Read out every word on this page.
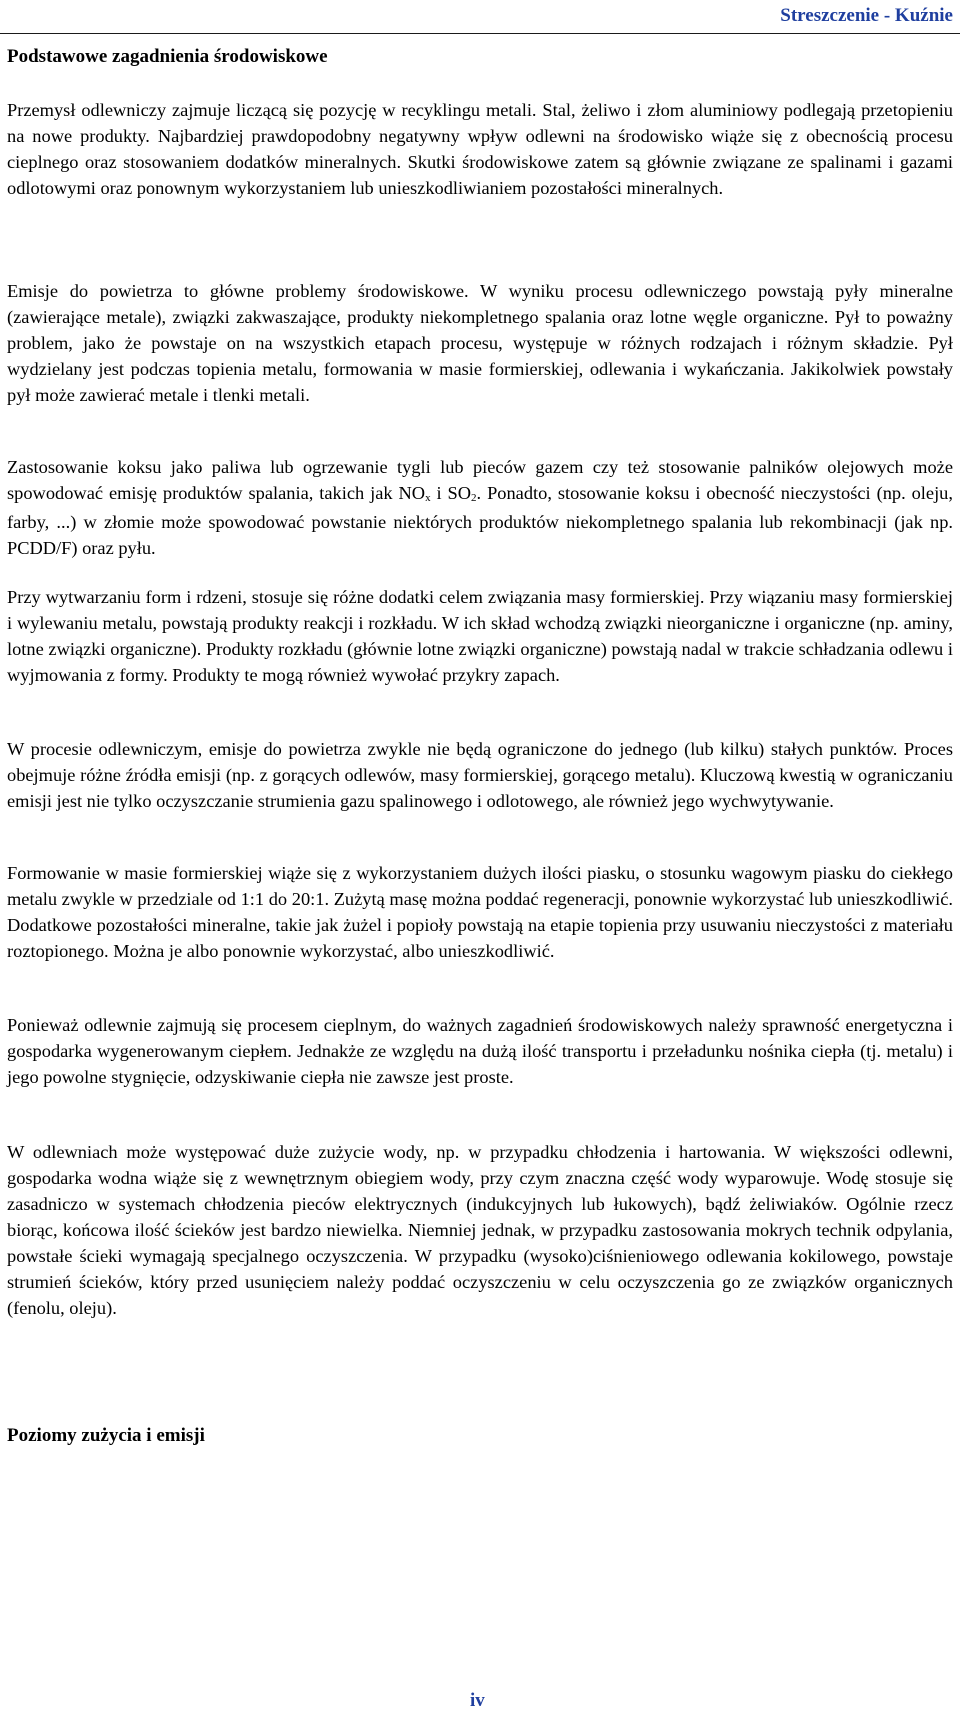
Streszczenie - Kuźnie
Podstawowe zagadnienia środowiskowe

Przemysł odlewniczy zajmuje liczącą się pozycję w recyklingu metali. Stal, żeliwo i złom aluminiowy podlegają przetopieniu na nowe produkty. Najbardziej prawdopodobny negatywny wpływ odlewni na środowisko wiąże się z obecnością procesu cieplnego oraz stosowaniem dodatków mineralnych. Skutki środowiskowe zatem są głównie związane ze spalinami i gazami odlotowymi oraz ponownym wykorzystaniem lub unieszkodliwianiem pozostałości mineralnych.

Emisje do powietrza to główne problemy środowiskowe. W wyniku procesu odlewniczego powstają pyły mineralne (zawierające metale), związki zakwaszające, produkty niekompletnego spalania oraz lotne węgle organiczne. Pył to poważny problem, jako że powstaje on na wszystkich etapach procesu, występuje w różnych rodzajach i różnym składzie. Pył wydzielany jest podczas topienia metalu, formowania w masie formierskiej, odlewania i wykańczania. Jakikolwiek powstały pył może zawierać metale i tlenki metali.

Zastosowanie koksu jako paliwa lub ogrzewanie tygli lub pieców gazem czy też stosowanie palników olejowych może spowodować emisję produktów spalania, takich jak $NO_x$ i $SO_2$. Ponadto, stosowanie koksu i obecność nieczystości (np. oleju, farby, ...) w złomie może spowodować powstanie niektórych produktów niekompletnego spalania lub rekombinacji (jak np. PCDD/F) oraz pyłu.

Przy wytwarzaniu form i rdzeni, stosuje się różne dodatki celem związania masy formierskiej. Przy wiązaniu masy formierskiej i wylewaniu metalu, powstają produkty reakcji i rozkładu. W ich skład wchodzą związki nieorganiczne i organiczne (np. aminy, lotne związki organiczne). Produkty rozkładu (głównie lotne związki organiczne) powstają nadal w trakcie schładzania odlewu i wyjmowania z formy. Produkty te mogą również wywołać przykry zapach.

W procesie odlewniczym, emisje do powietrza zwykle nie będą ograniczone do jednego (lub kilku) stałych punktów. Proces obejmuje różne źródła emisji (np. z gorących odlewów, masy formierskiej, gorącego metalu). Kluczową kwestią w ograniczaniu emisji jest nie tylko oczyszczanie strumienia gazu spalinowego i odlotowego, ale również jego wychwytywanie.

Formowanie w masie formierskiej wiąże się z wykorzystaniem dużych ilości piasku, o stosunku wagowym piasku do ciekłego metalu zwykle w przedziale od 1:1 do 20:1. Zużytą masę można poddać regeneracji, ponownie wykorzystać lub unieszkodliwić. Dodatkowe pozostałości mineralne, takie jak żużel i popioły powstają na etapie topienia przy usuwaniu nieczystości z materiału roztopionego. Można je albo ponownie wykorzystać, albo unieszkodliwić.

Ponieważ odlewnie zajmują się procesem cieplnym, do ważnych zagadnień środowiskowych należy sprawność energetyczna i gospodarka wygenerowanym ciepłem. Jednakże ze względu na dużą ilość transportu i przeładunku nośnika ciepła (tj. metalu) i jego powolne stygnięcie, odzyskiwanie ciepła nie zawsze jest proste.

W odlewniach może występować duże zużycie wody, np. w przypadku chłodzenia i hartowania. W większości odlewni, gospodarka wodna wiąże się z wewnętrznym obiegiem wody, przy czym znaczna część wody wyparowuje. Wodę stosuje się zasadniczo w systemach chłodzenia pieców elektrycznych (indukcyjnych lub łukowych), bądź żeliwiaków. Ogólnie rzecz biorąc, końcowa ilość ścieków jest bardzo niewielka. Niemniej jednak, w przypadku zastosowania mokrych technik odpylania, powstałe ścieki wymagają specjalnego oczyszczenia. W przypadku (wysoko)ciśnieniowego odlewania kokilowego, powstaje strumień ścieków, który przed usunięciem należy poddać oczyszczeniu w celu oczyszczenia go ze związków organicznych (fenolu, oleju).

Poziomy zużycia i emisji
iv
